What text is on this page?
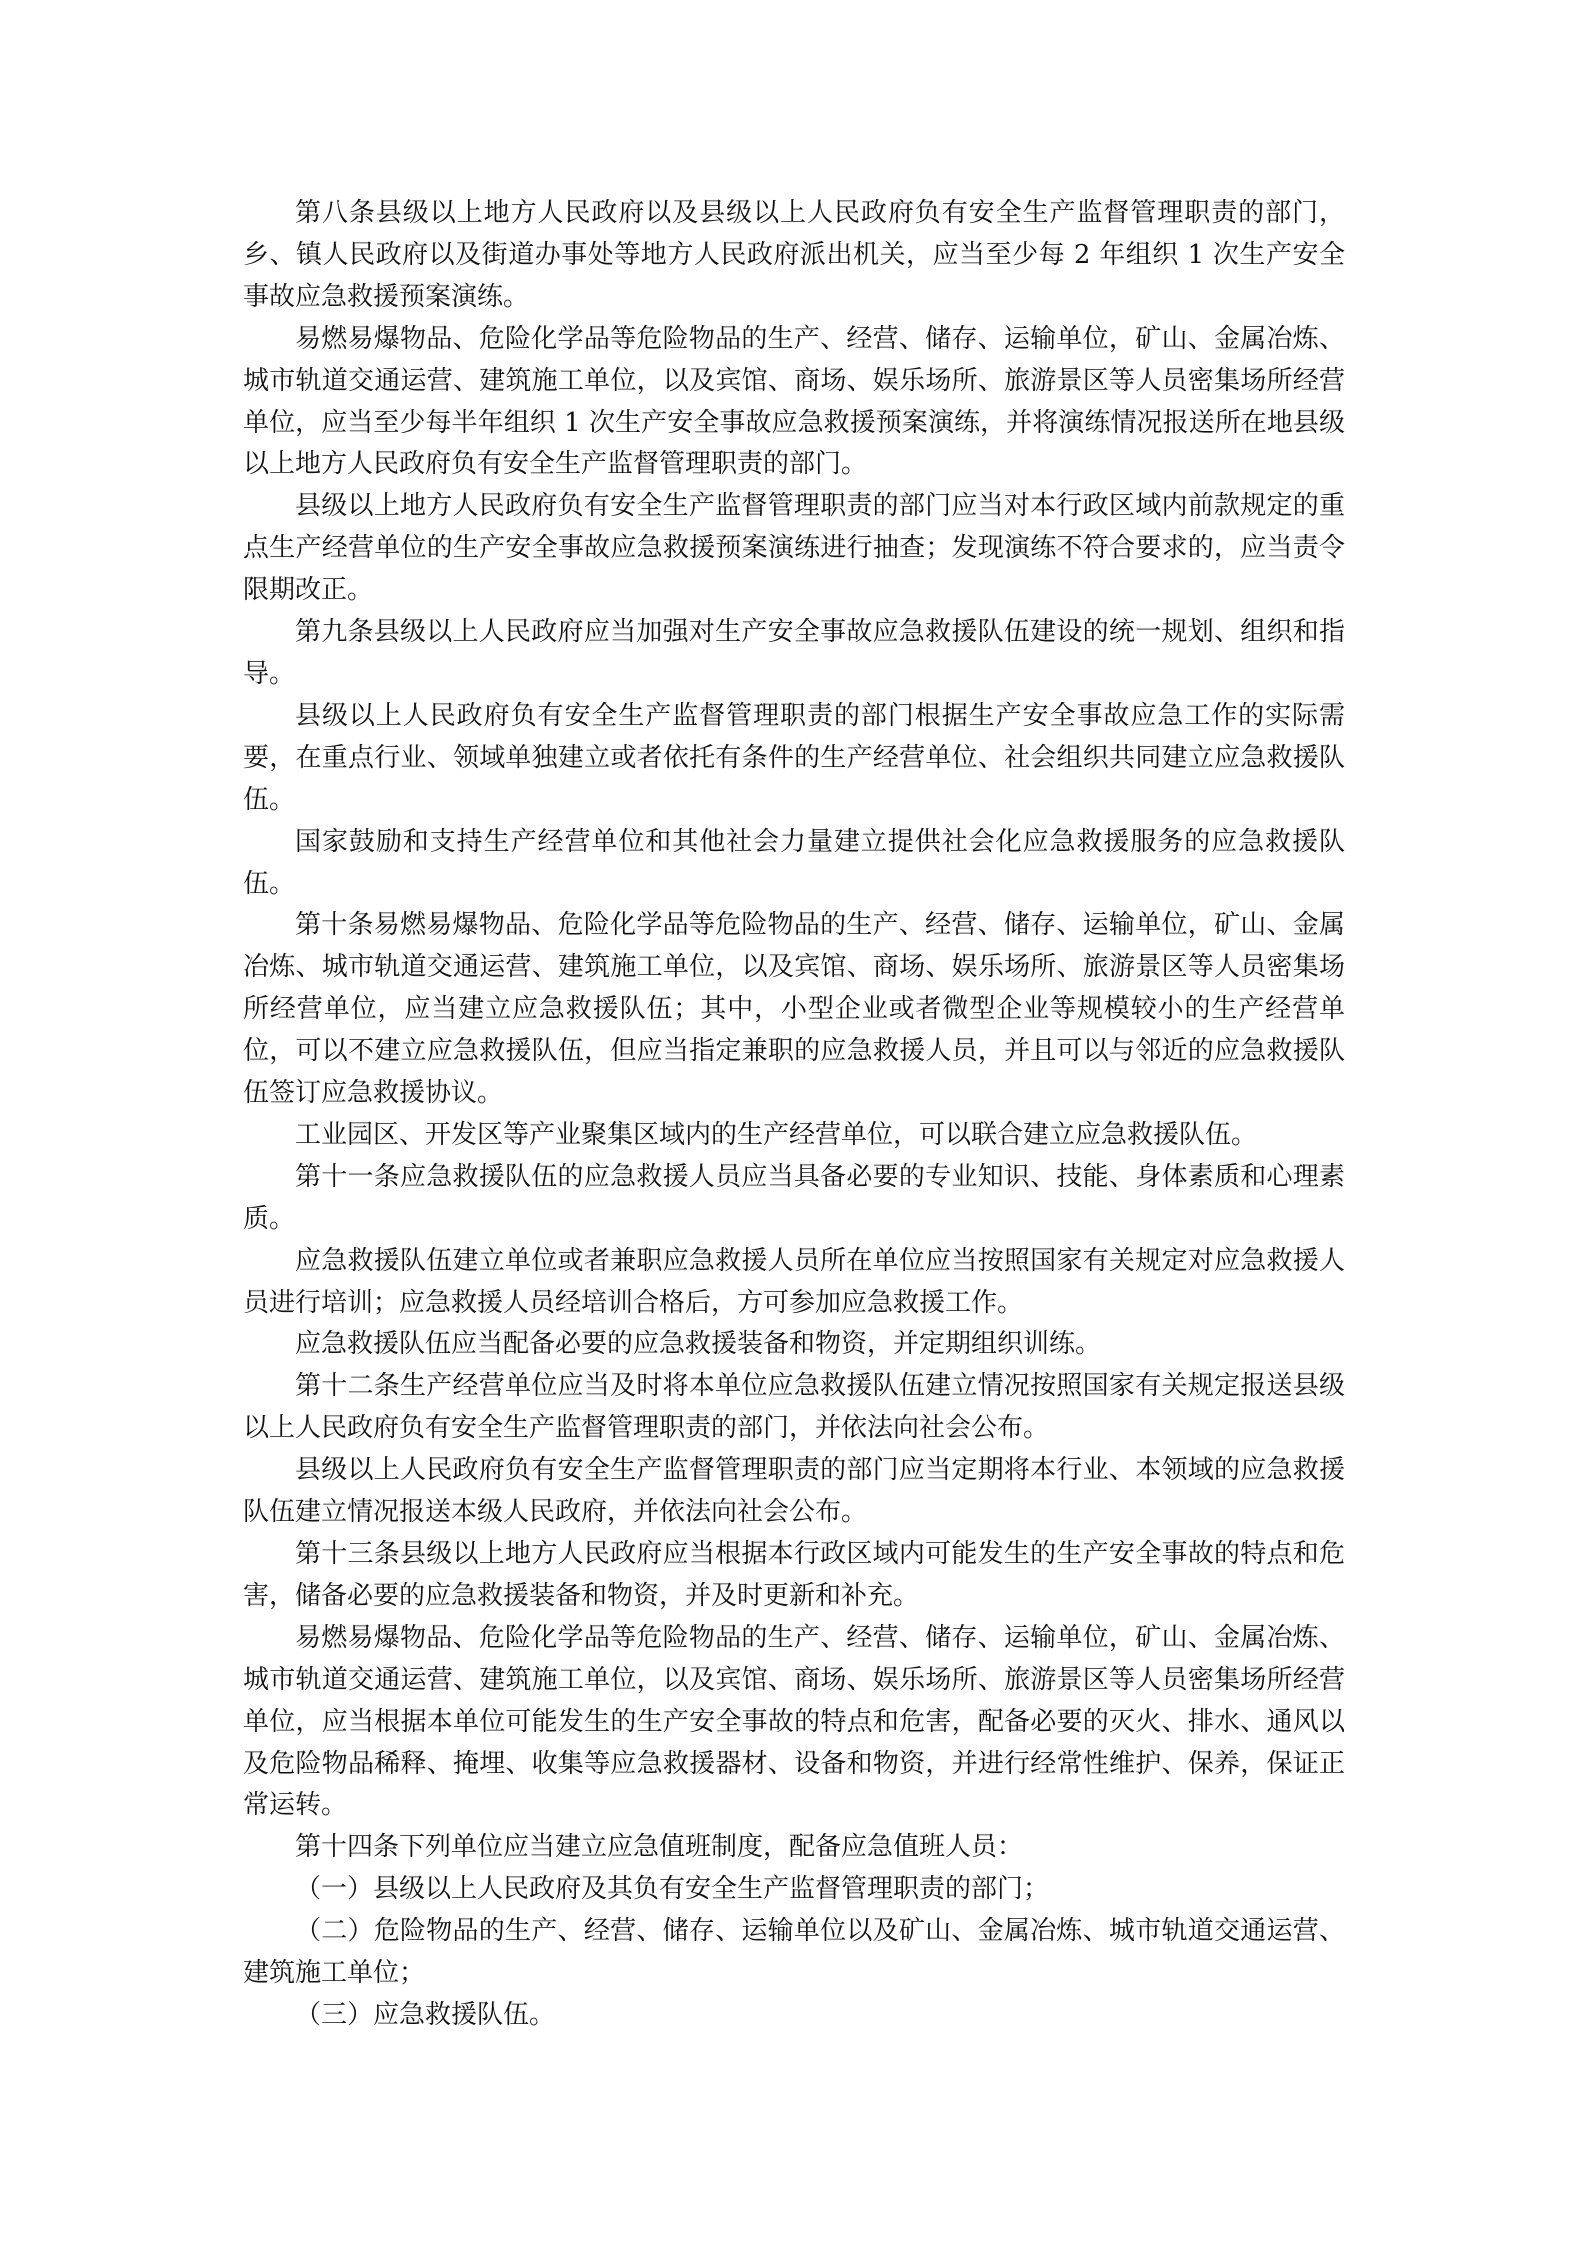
第八条县级以上地方人民政府以及县级以上人民政府负有安全生产监督管理职责的部门，乡、镇人民政府以及街道办事处等地方人民政府派出机关，应当至少每 2 年组织 1 次生产安全事故应急救援预案演练。

易燃易爆物品、危险化学品等危险物品的生产、经营、储存、运输单位，矿山、金属冶炼、城市轨道交通运营、建筑施工单位，以及宾馆、商场、娱乐场所、旅游景区等人员密集场所经营单位，应当至少每半年组织 1 次生产安全事故应急救援预案演练，并将演练情况报送所在地县级以上地方人民政府负有安全生产监督管理职责的部门。

县级以上地方人民政府负有安全生产监督管理职责的部门应当对本行政区域内前款规定的重点生产经营单位的生产安全事故应急救援预案演练进行抽查；发现演练不符合要求的，应当责令限期改正。

第九条县级以上人民政府应当加强对生产安全事故应急救援队伍建设的统一规划、组织和指导。

县级以上人民政府负有安全生产监督管理职责的部门根据生产安全事故应急工作的实际需要，在重点行业、领域单独建立或者依托有条件的生产经营单位、社会组织共同建立应急救援队伍。

国家鼓励和支持生产经营单位和其他社会力量建立提供社会化应急救援服务的应急救援队伍。

第十条易燃易爆物品、危险化学品等危险物品的生产、经营、储存、运输单位，矿山、金属冶炼、城市轨道交通运营、建筑施工单位，以及宾馆、商场、娱乐场所、旅游景区等人员密集场所经营单位，应当建立应急救援队伍；其中，小型企业或者微型企业等规模较小的生产经营单位，可以不建立应急救援队伍，但应当指定兼职的应急救援人员，并且可以与邻近的应急救援队伍签订应急救援协议。

工业园区、开发区等产业聚集区域内的生产经营单位，可以联合建立应急救援队伍。

第十一条应急救援队伍的应急救援人员应当具备必要的专业知识、技能、身体素质和心理素质。

应急救援队伍建立单位或者兼职应急救援人员所在单位应当按照国家有关规定对应急救援人员进行培训；应急救援人员经培训合格后，方可参加应急救援工作。

应急救援队伍应当配备必要的应急救援装备和物资，并定期组织训练。

第十二条生产经营单位应当及时将本单位应急救援队伍建立情况按照国家有关规定报送县级以上人民政府负有安全生产监督管理职责的部门，并依法向社会公布。

县级以上人民政府负有安全生产监督管理职责的部门应当定期将本行业、本领域的应急救援队伍建立情况报送本级人民政府，并依法向社会公布。

第十三条县级以上地方人民政府应当根据本行政区域内可能发生的生产安全事故的特点和危害，储备必要的应急救援装备和物资，并及时更新和补充。

易燃易爆物品、危险化学品等危险物品的生产、经营、储存、运输单位，矿山、金属冶炼、城市轨道交通运营、建筑施工单位，以及宾馆、商场、娱乐场所、旅游景区等人员密集场所经营单位，应当根据本单位可能发生的生产安全事故的特点和危害，配备必要的灭火、排水、通风以及危险物品稀释、掩埋、收集等应急救援器材、设备和物资，并进行经常性维护、保养，保证正常运转。

第十四条下列单位应当建立应急值班制度，配备应急值班人员：

（一）县级以上人民政府及其负有安全生产监督管理职责的部门；

（二）危险物品的生产、经营、储存、运输单位以及矿山、金属冶炼、城市轨道交通运营、建筑施工单位；

（三）应急救援队伍。
